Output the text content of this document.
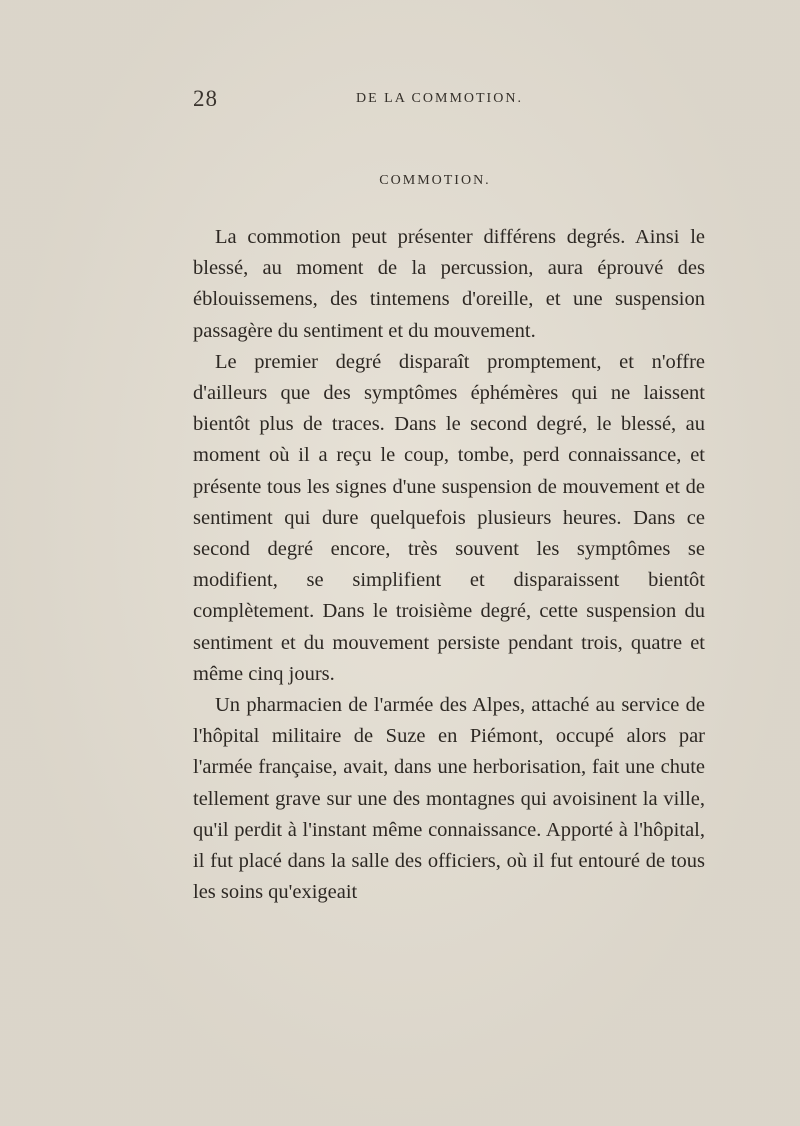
28	DE LA COMMOTION.
COMMOTION.

La commotion peut présenter différens degrés. Ainsi le blessé, au moment de la percussion, aura éprouvé des éblouissemens, des tintemens d'oreille, et une suspension passagère du sentiment et du mouvement.

Le premier degré disparaît promptement, et n'offre d'ailleurs que des symptômes éphémères qui ne laissent bientôt plus de traces. Dans le second degré, le blessé, au moment où il a reçu le coup, tombe, perd connaissance, et présente tous les signes d'une suspension de mouvement et de sentiment qui dure quelquefois plusieurs heures. Dans ce second degré encore, très souvent les symptômes se modifient, se simplifient et disparaissent bientôt complètement. Dans le troisième degré, cette suspension du sentiment et du mouvement persiste pendant trois, quatre et même cinq jours.

Un pharmacien de l'armée des Alpes, attaché au service de l'hôpital militaire de Suze en Piémont, occupé alors par l'armée française, avait, dans une herborisation, fait une chute tellement grave sur une des montagnes qui avoisinent la ville, qu'il perdit à l'instant même connaissance. Apporté à l'hôpital, il fut placé dans la salle des officiers, où il fut entouré de tous les soins qu'exigeait
